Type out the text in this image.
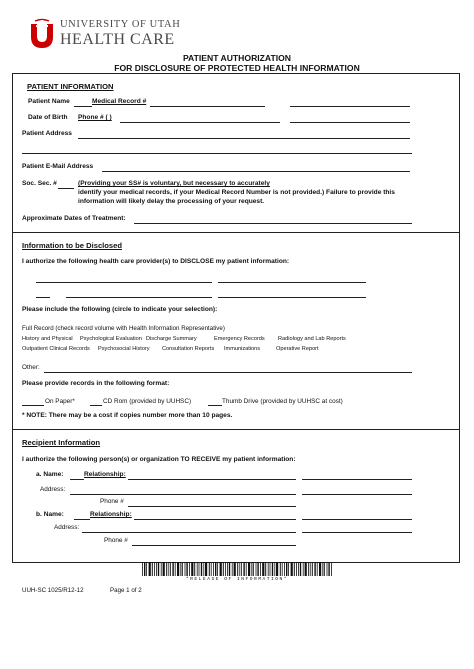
UNIVERSITY OF UTAH
HEALTH CARE
PATIENT AUTHORIZATION
FOR DISCLOSURE OF PROTECTED HEALTH INFORMATION
PATIENT INFORMATION
Patient Name	Medical Record #
Date of Birth Phone # ( )
Patient Address
Patient E-Mail Address
Soc. Sec. #	(Providing your SS# is voluntary, but necessary to accurately
identify your medical records, if your Medical Record Number is not provided.) Failure to provide this
information will likely delay the processing of your request.
Approximate Dates of Treatment:
Information to be Disclosed
I authorize the following health care provider(s) to DISCLOSE my patient information:
Please include the following (circle to indicate your selection):
Full Record (check record volume with Health Information Representative)
History and Physical Psychological Evaluation Discharge Summary	Emergency Records Radiology and Lab Reports
Outpatient Clinical Records Psychosocial History Consultation Reports Immunizations	Operative Report
Other:
Please provide records in the following format:
On Paper*	CD Rom (provided by UUHSC)	Thumb Drive (provided by UUHSC at cost)
* NOTE: There may be a cost if copies number more than 10 pages.
Recipient Information
I authorize the following person(s) or organization TO RECEIVE my patient information:
a. Name:	Relationship:
Address:
Phone #
b. Name:	Relationship:
Address:
Phone #
*RELEASE OF INFORMATION*
UUH-SC 1025/R12-12	Page 1 of 2
